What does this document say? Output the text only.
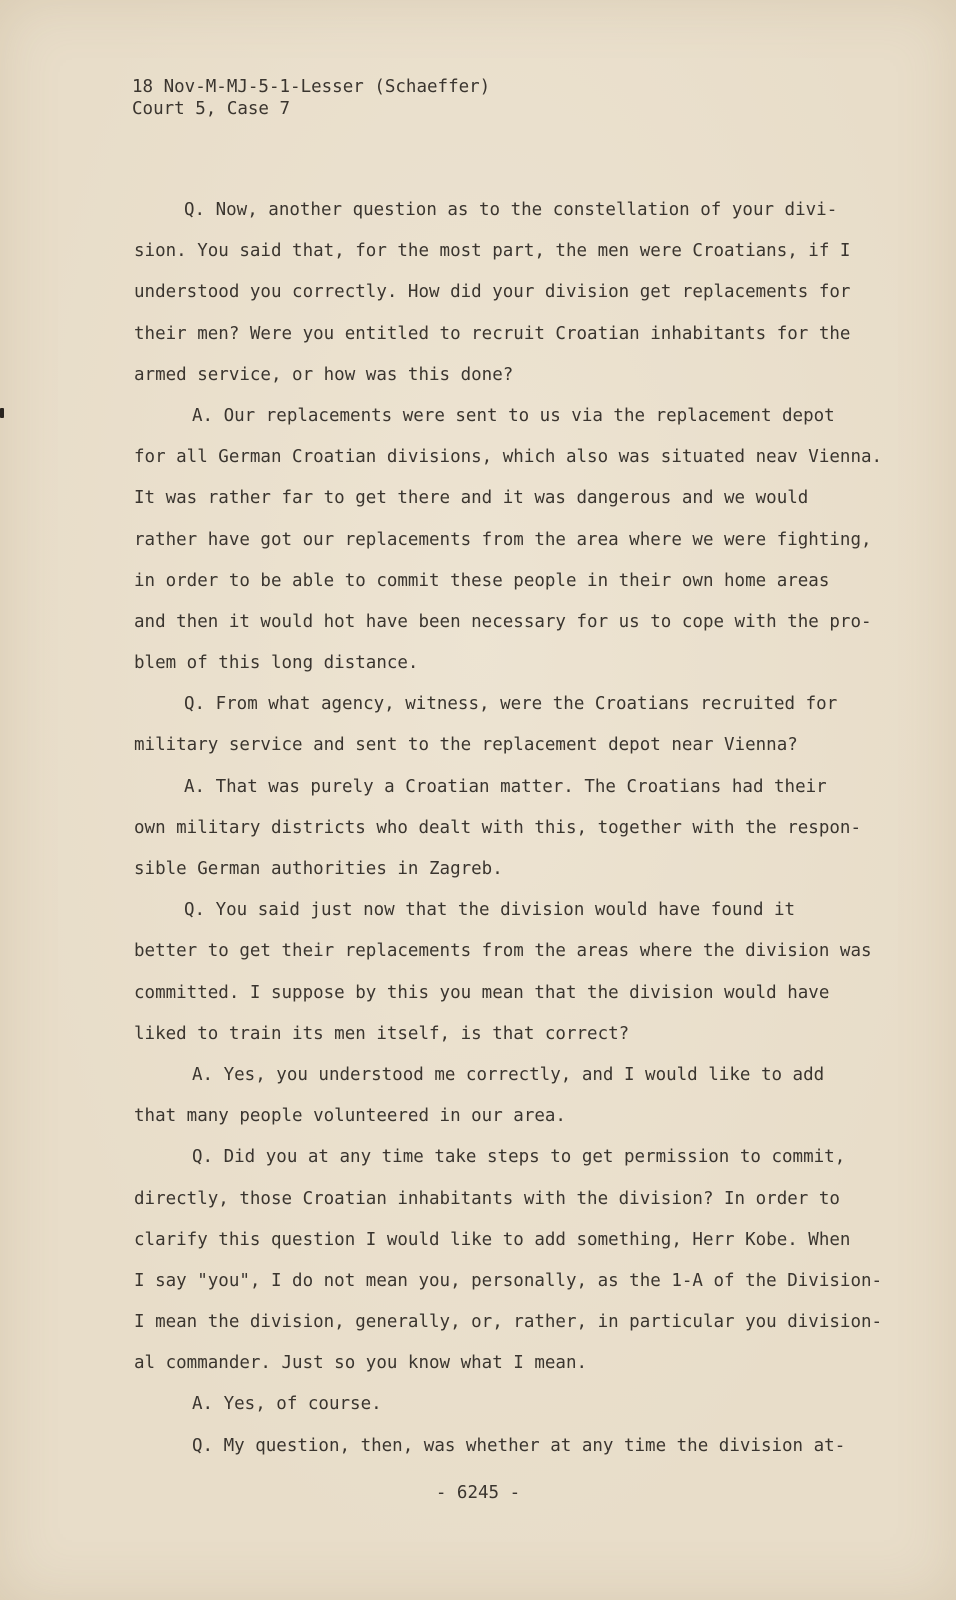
18 Nov-M-MJ-5-1-Lesser (Schaeffer)
Court 5, Case 7
Q. Now, another question as to the constellation of your divi-
sion. You said that, for the most part, the men were Croatians, if I
understood you correctly. How did your division get replacements for
their men? Were you entitled to recruit Croatian inhabitants for the
armed service, or how was this done?
A. Our replacements were sent to us via the replacement depot
for all German Croatian divisions, which also was situated neav Vienna.
It was rather far to get there and it was dangerous and we would
rather have got our replacements from the area where we were fighting,
in order to be able to commit these people in their own home areas
and then it would hot have been necessary for us to cope with the pro-
blem of this long distance.
Q. From what agency, witness, were the Croatians recruited for
military service and sent to the replacement depot near Vienna?
A. That was purely a Croatian matter. The Croatians had their
own military districts who dealt with this, together with the respon-
sible German authorities in Zagreb.
Q. You said just now that the division would have found it
better to get their replacements from the areas where the division was
committed. I suppose by this you mean that the division would have
liked to train its men itself, is that correct?
A. Yes, you understood me correctly, and I would like to add
that many people volunteered in our area.
Q. Did you at any time take steps to get permission to commit,
directly, those Croatian inhabitants with the division? In order to
clarify this question I would like to add something, Herr Kobe. When
I say "you", I do not mean you, personally, as the 1-A of the Division-
I mean the division, generally, or, rather, in particular you division-
al commander. Just so you know what I mean.
A. Yes, of course.
Q. My question, then, was whether at any time the division at-
- 6245 -
